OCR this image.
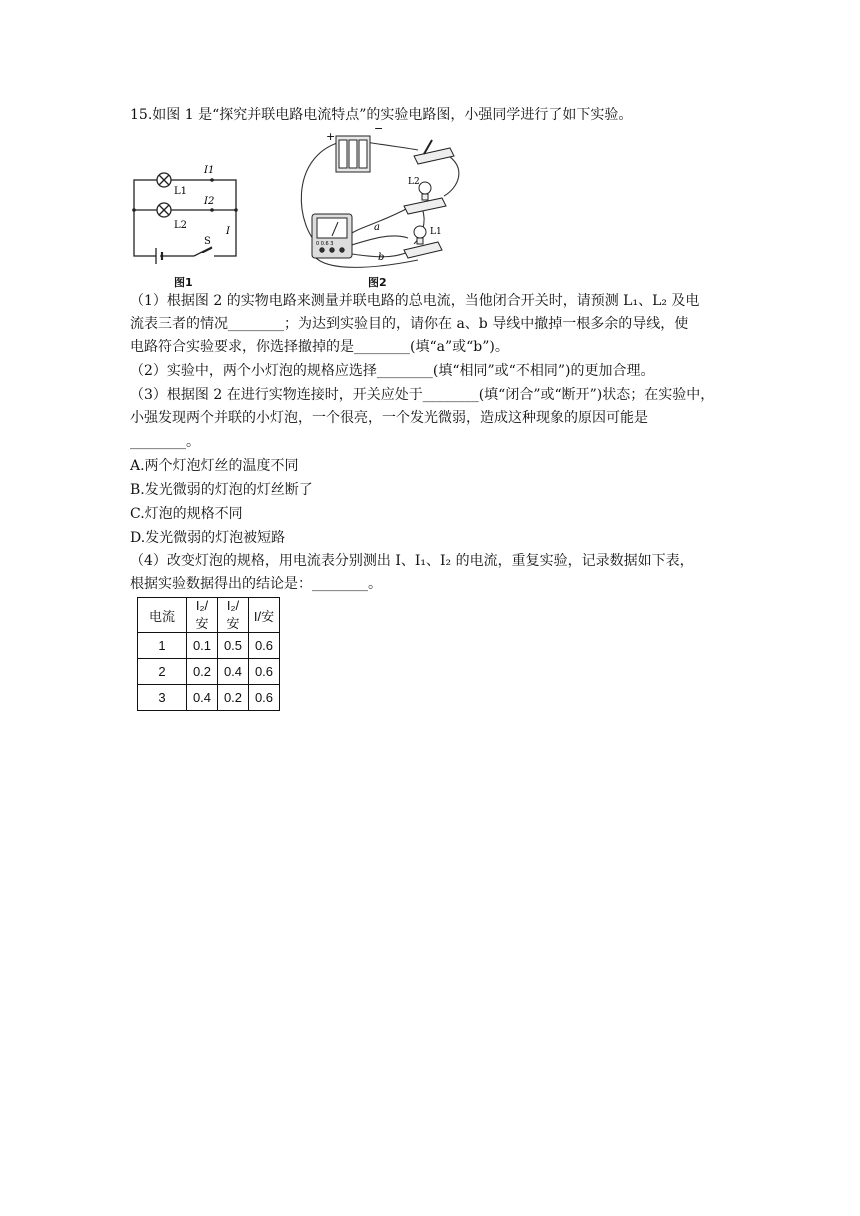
15.如图 1 是“探究并联电路电流特点”的实验电路图，小强同学进行了如下实验。
I1
I2
L1
L2
S
I
+
−
L2
L1
0 0.6 3
a
b
图1	图2
（1）根据图 2 的实物电路来测量并联电路的总电流，当他闭合开关时，请预测 L₁、L₂ 及电
流表三者的情况________；为达到实验目的，请你在 a、b 导线中撤掉一根多余的导线，使
电路符合实验要求，你选择撤掉的是________(填“a”或“b”)。
（2）实验中，两个小灯泡的规格应选择________(填“相同”或“不相同”)的更加合理。
（3）根据图 2 在进行实物连接时，开关应处于________(填“闭合”或“断开”)状态；在实验中，
小强发现两个并联的小灯泡，一个很亮，一个发光微弱，造成这种现象的原因可能是
________。
A.两个灯泡灯丝的温度不同
B.发光微弱的灯泡的灯丝断了
C.灯泡的规格不同
D.发光微弱的灯泡被短路
（4）改变灯泡的规格，用电流表分别测出 I、I₁、I₂ 的电流，重复实验，记录数据如下表，
根据实验数据得出的结论是：________。
电流	I₂/安	I₂/安	I/安
1	0.1	0.5	0.6
2	0.2	0.4	0.6
3	0.4	0.2	0.6
